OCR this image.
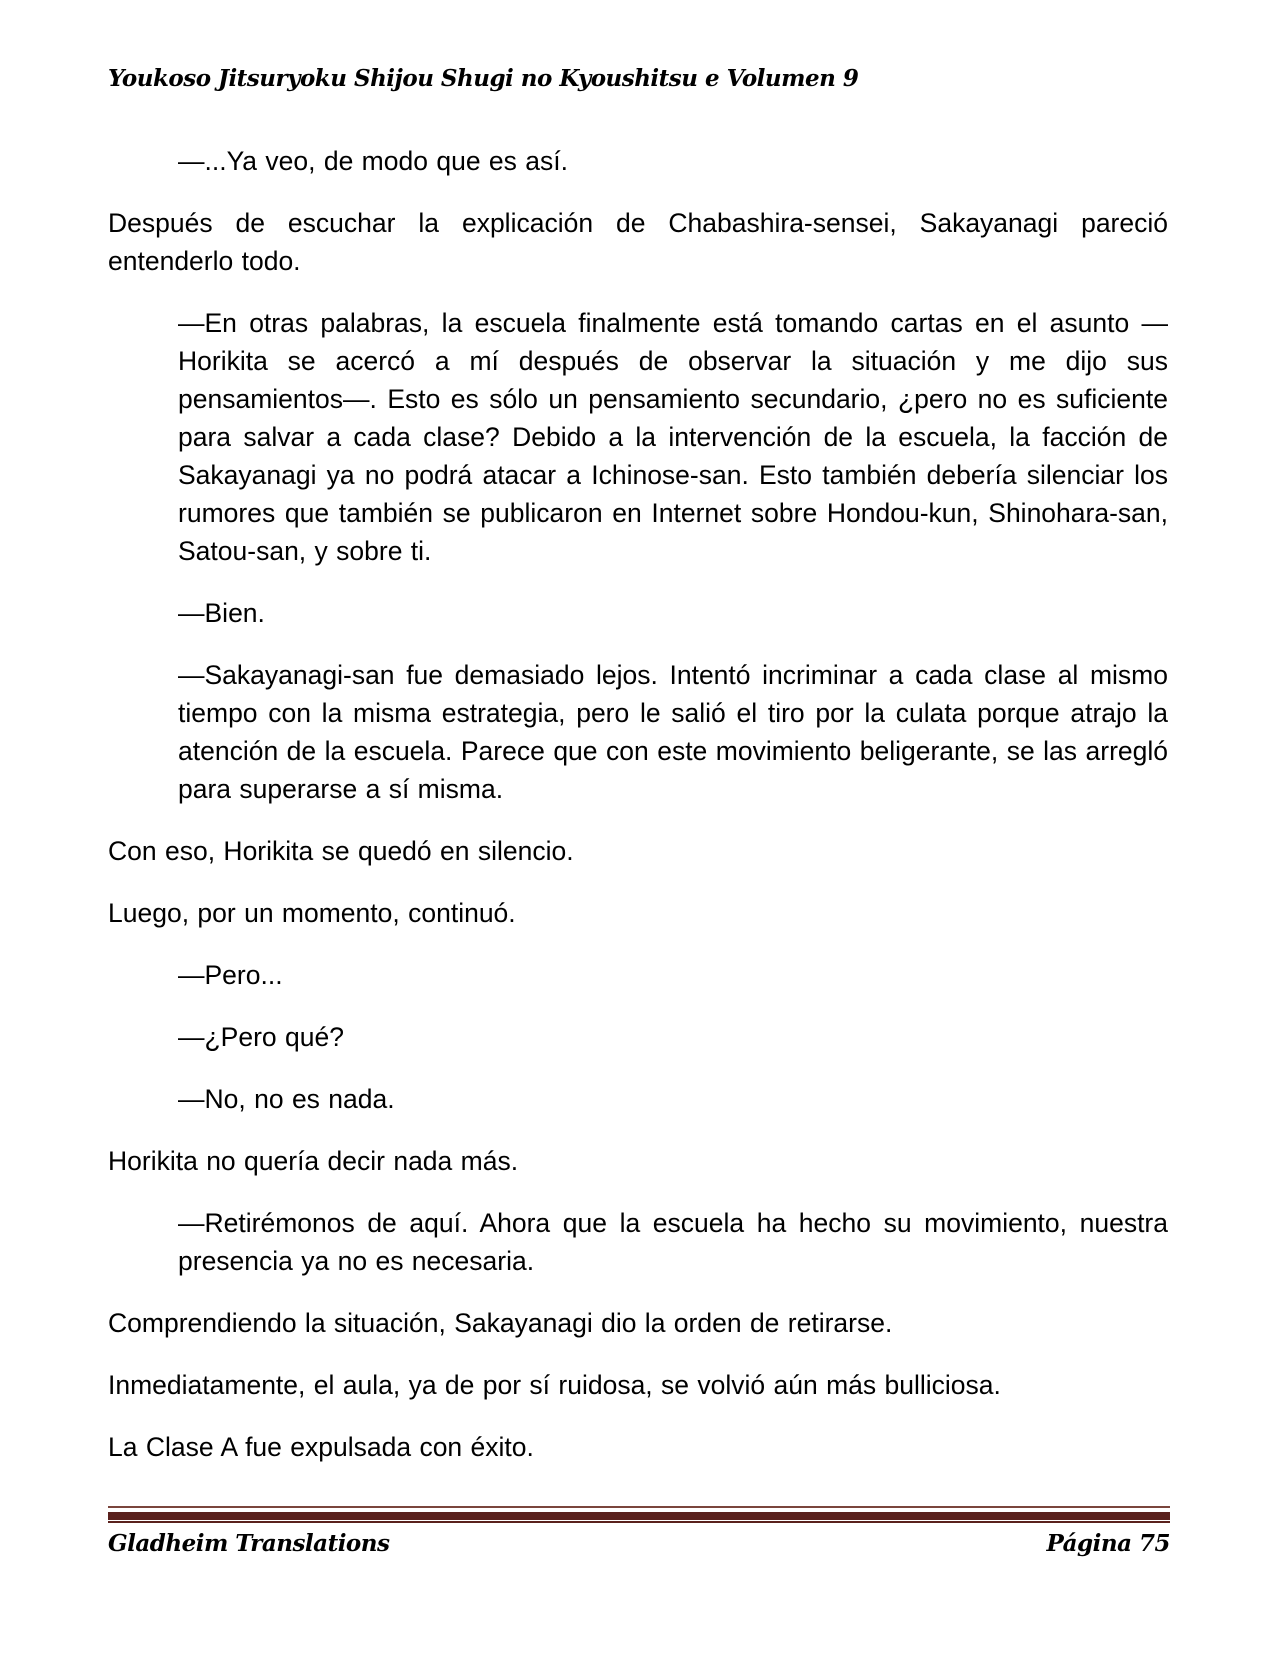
Youkoso Jitsuryoku Shijou Shugi no Kyoushitsu e Volumen 9

—...Ya veo, de modo que es así.

Después de escuchar la explicación de Chabashira-sensei, Sakayanagi pareció entenderlo todo.

—En otras palabras, la escuela finalmente está tomando cartas en el asunto —Horikita se acercó a mí después de observar la situación y me dijo sus pensamientos—. Esto es sólo un pensamiento secundario, ¿pero no es suficiente para salvar a cada clase? Debido a la intervención de la escuela, la facción de Sakayanagi ya no podrá atacar a Ichinose-san. Esto también debería silenciar los rumores que también se publicaron en Internet sobre Hondou-kun, Shinohara-san, Satou-san, y sobre ti.

—Bien.

—Sakayanagi-san fue demasiado lejos. Intentó incriminar a cada clase al mismo tiempo con la misma estrategia, pero le salió el tiro por la culata porque atrajo la atención de la escuela. Parece que con este movimiento beligerante, se las arregló para superarse a sí misma.

Con eso, Horikita se quedó en silencio.

Luego, por un momento, continuó.

—Pero...

—¿Pero qué?

—No, no es nada.

Horikita no quería decir nada más.

—Retirémonos de aquí. Ahora que la escuela ha hecho su movimiento, nuestra presencia ya no es necesaria.

Comprendiendo la situación, Sakayanagi dio la orden de retirarse.

Inmediatamente, el aula, ya de por sí ruidosa, se volvió aún más bulliciosa.

La Clase A fue expulsada con éxito.

Gladheim Translations	Página 75
